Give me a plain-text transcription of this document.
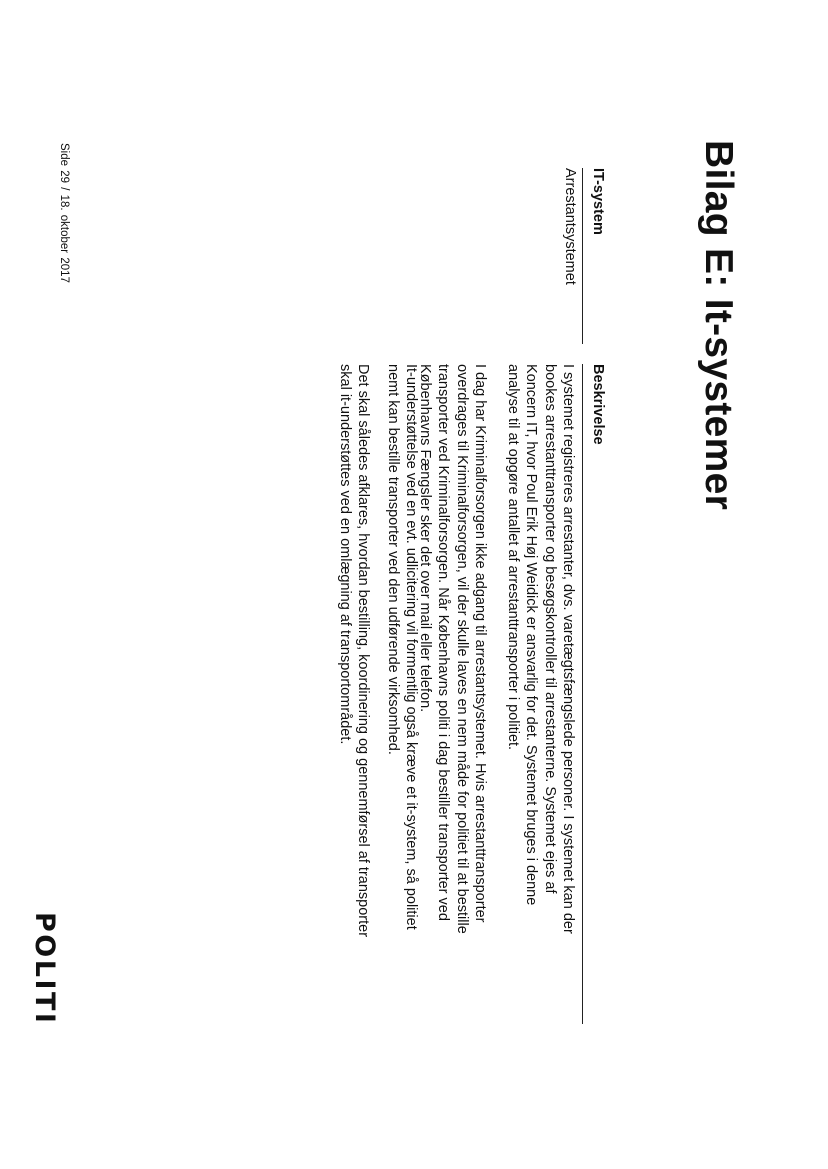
Bilag E: It-systemer
IT-system
Beskrivelse
Arrestantsystemet

I systemet registreres arrestanter, dvs. varetægtsfængslede personer. I systemet kan der
bookes arrestanttransporter og besøgskontroller til arrestanterne. Systemet ejes af
Koncern IT, hvor Poul Erik Høj Weidick er ansvarlig for det. Systemet bruges i denne
analyse til at opgøre antallet af arrestanttransporter i politiet.

I dag har Kriminalforsorgen ikke adgang til arrestantsystemet. Hvis arrestanttransporter
overdrages til Kriminalforsorgen, vil der skulle laves en nem måde for politiet til at bestille
transporter ved Kriminalforsorgen. Når Københavns politi i dag bestiller transporter ved
Københavns Fængsler sker det over mail eller telefon.

It-understøttelse ved en evt. udlicitering vil formentlig også kræve et it-system, så politiet
nemt kan bestille transporter ved den udførende virksomhed.

Det skal således afklares, hvordan bestilling, koordinering og gennemførsel af transporter
skal it-understøttes ved en omlægning af transportområdet.

Side 29 / 18. oktober 2017
POLITI
